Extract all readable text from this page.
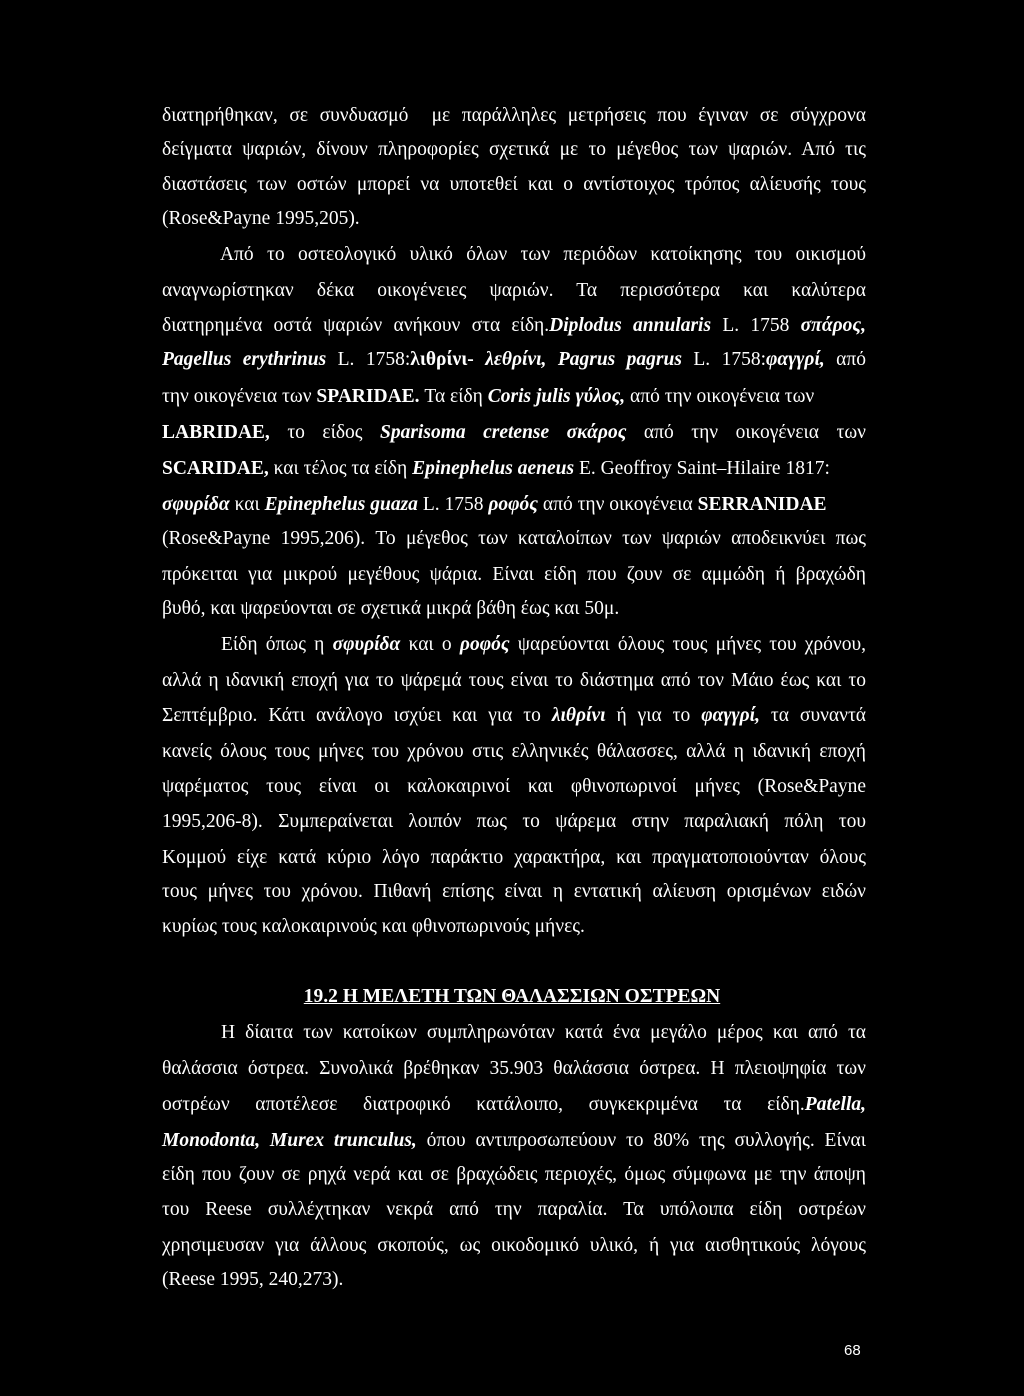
διατηρήθηκαν, σε συνδυασμό  με παράλληλες μετρήσεις που έγιναν σε σύγχρονα
δείγματα ψαριών, δίνουν πληροφορίες σχετικά με το μέγεθος των ψαριών. Από τις
διαστάσεις των οστών μπορεί να υποτεθεί και ο αντίστοιχος τρόπος αλίευσής τους
(Rose&Payne 1995,205).
Από το οστεολογικό υλικό όλων των περιόδων κατοίκησης του οικισμού
αναγνωρίστηκαν δέκα οικογένειες ψαριών. Τα περισσότερα και καλύτερα
διατηρημένα οστά ψαριών ανήκουν στα είδη.Diplodus annularis L. 1758 σπάρος,
Pagellus erythrinus L. 1758:λιθρίνι- λεθρίνι, Pagrus pagrus L. 1758:φαγγρί, από
την οικογένεια των SPARIDAE. Τα είδη Coris julis γύλος, από την οικογένεια των
LABRIDAE, το είδος Sparisoma cretense σκάρος από την οικογένεια των
SCARIDAE, και τέλος τα είδη Epinephelus aeneus E. Geoffroy Saint–Hilaire 1817:
σφυρίδα και Epinephelus guaza L. 1758 ροφός από την οικογένεια SERRANIDAE
(Rose&Payne 1995,206). Το μέγεθος των καταλοίπων των ψαριών αποδεικνύει πως
πρόκειται για μικρού μεγέθους ψάρια. Είναι είδη που ζουν σε αμμώδη ή βραχώδη
βυθό, και ψαρεύονται σε σχετικά μικρά βάθη έως και 50μ.
Είδη όπως η σφυρίδα και ο ροφός ψαρεύονται όλους τους μήνες του χρόνου,
αλλά η ιδανική εποχή για το ψάρεμά τους είναι το διάστημα από τον Μάιο έως και το
Σεπτέμβριο. Κάτι ανάλογο ισχύει και για το λιθρίνι ή για το φαγγρί, τα συναντά
κανείς όλους τους μήνες του χρόνου στις ελληνικές θάλασσες, αλλά η ιδανική εποχή
ψαρέματος τους είναι οι καλοκαιρινοί και φθινοπωρινοί μήνες (Rose&Payne
1995,206-8). Συμπεραίνεται λοιπόν πως το ψάρεμα στην παραλιακή πόλη του
Κομμού είχε κατά κύριο λόγο παράκτιο χαρακτήρα, και πραγματοποιούνταν όλους
τους μήνες του χρόνου. Πιθανή επίσης είναι η εντατική αλίευση ορισμένων ειδών
κυρίως τους καλοκαιρινούς και φθινοπωρινούς μήνες.
Η δίαιτα των κατοίκων συμπληρωνόταν κατά ένα μεγάλο μέρος και από τα
θαλάσσια όστρεα. Συνολικά βρέθηκαν 35.903 θαλάσσια όστρεα. Η πλειοψηφία των
οστρέων αποτέλεσε διατροφικό κατάλοιπο, συγκεκριμένα τα είδη.Patella,
Monodonta, Murex trunculus, όπου αντιπροσωπεύουν το 80% της συλλογής. Είναι
είδη που ζουν σε ρηχά νερά και σε βραχώδεις περιοχές, όμως σύμφωνα με την άποψη
του Reese συλλέχτηκαν νεκρά από την παραλία. Τα υπόλοιπα είδη οστρέων
χρησιμευσαν για άλλους σκοπούς, ως οικοδομικό υλικό, ή για αισθητικούς λόγους
(Reese 1995, 240,273).
19.2 Η ΜΕΛΕΤΗ ΤΩΝ ΘΑΛΑΣΣΙΩΝ ΟΣΤΡΕΩΝ
68
